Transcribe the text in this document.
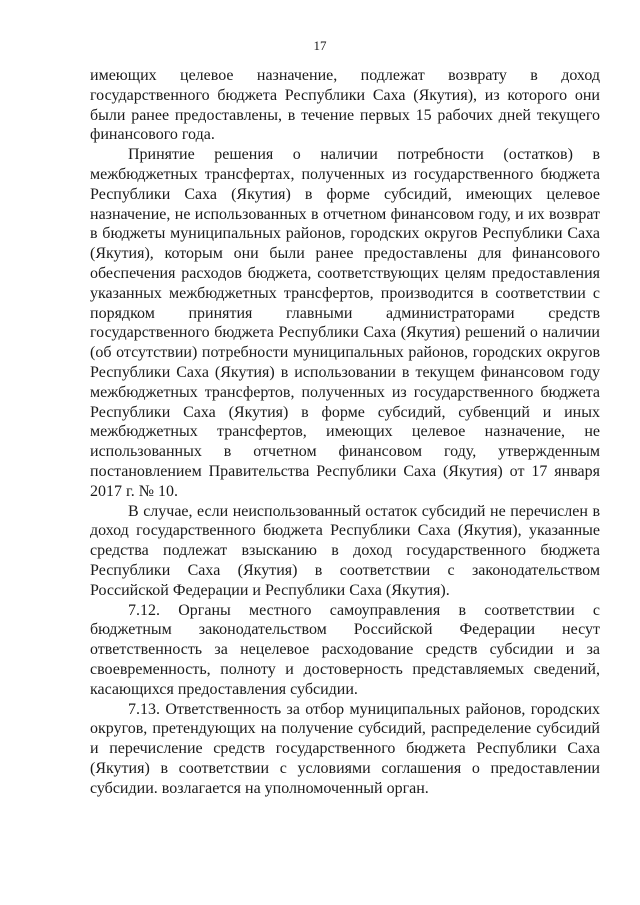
17

имеющих целевое назначение, подлежат возврату в доход государственного бюджета Республики Саха (Якутия), из которого они были ранее предоставлены, в течение первых 15 рабочих дней текущего финансового года.

Принятие решения о наличии потребности (остатков) в межбюджетных трансфертах, полученных из государственного бюджета Республики Саха (Якутия) в форме субсидий, имеющих целевое назначение, не использованных в отчетном финансовом году, и их возврат в бюджеты муниципальных районов, городских округов Республики Саха (Якутия), которым они были ранее предоставлены для финансового обеспечения расходов бюджета, соответствующих целям предоставления указанных межбюджетных трансфертов, производится в соответствии с порядком принятия главными администраторами средств государственного бюджета Республики Саха (Якутия) решений о наличии (об отсутствии) потребности муниципальных районов, городских округов Республики Саха (Якутия) в использовании в текущем финансовом году межбюджетных трансфертов, полученных из государственного бюджета Республики Саха (Якутия) в форме субсидий, субвенций и иных межбюджетных трансфертов, имеющих целевое назначение, не использованных в отчетном финансовом году, утвержденным постановлением Правительства Республики Саха (Якутия) от 17 января 2017 г. № 10.

В случае, если неиспользованный остаток субсидий не перечислен в доход государственного бюджета Республики Саха (Якутия), указанные средства подлежат взысканию в доход государственного бюджета Республики Саха (Якутия) в соответствии с законодательством Российской Федерации и Республики Саха (Якутия).

7.12. Органы местного самоуправления в соответствии с бюджетным законодательством Российской Федерации несут ответственность за нецелевое расходование средств субсидии и за своевременность, полноту и достоверность представляемых сведений, касающихся предоставления субсидии.

7.13. Ответственность за отбор муниципальных районов, городских округов, претендующих на получение субсидий, распределение субсидий и перечисление средств государственного бюджета Республики Саха (Якутия) в соответствии с условиями соглашения о предоставлении субсидии. возлагается на уполномоченный орган.
